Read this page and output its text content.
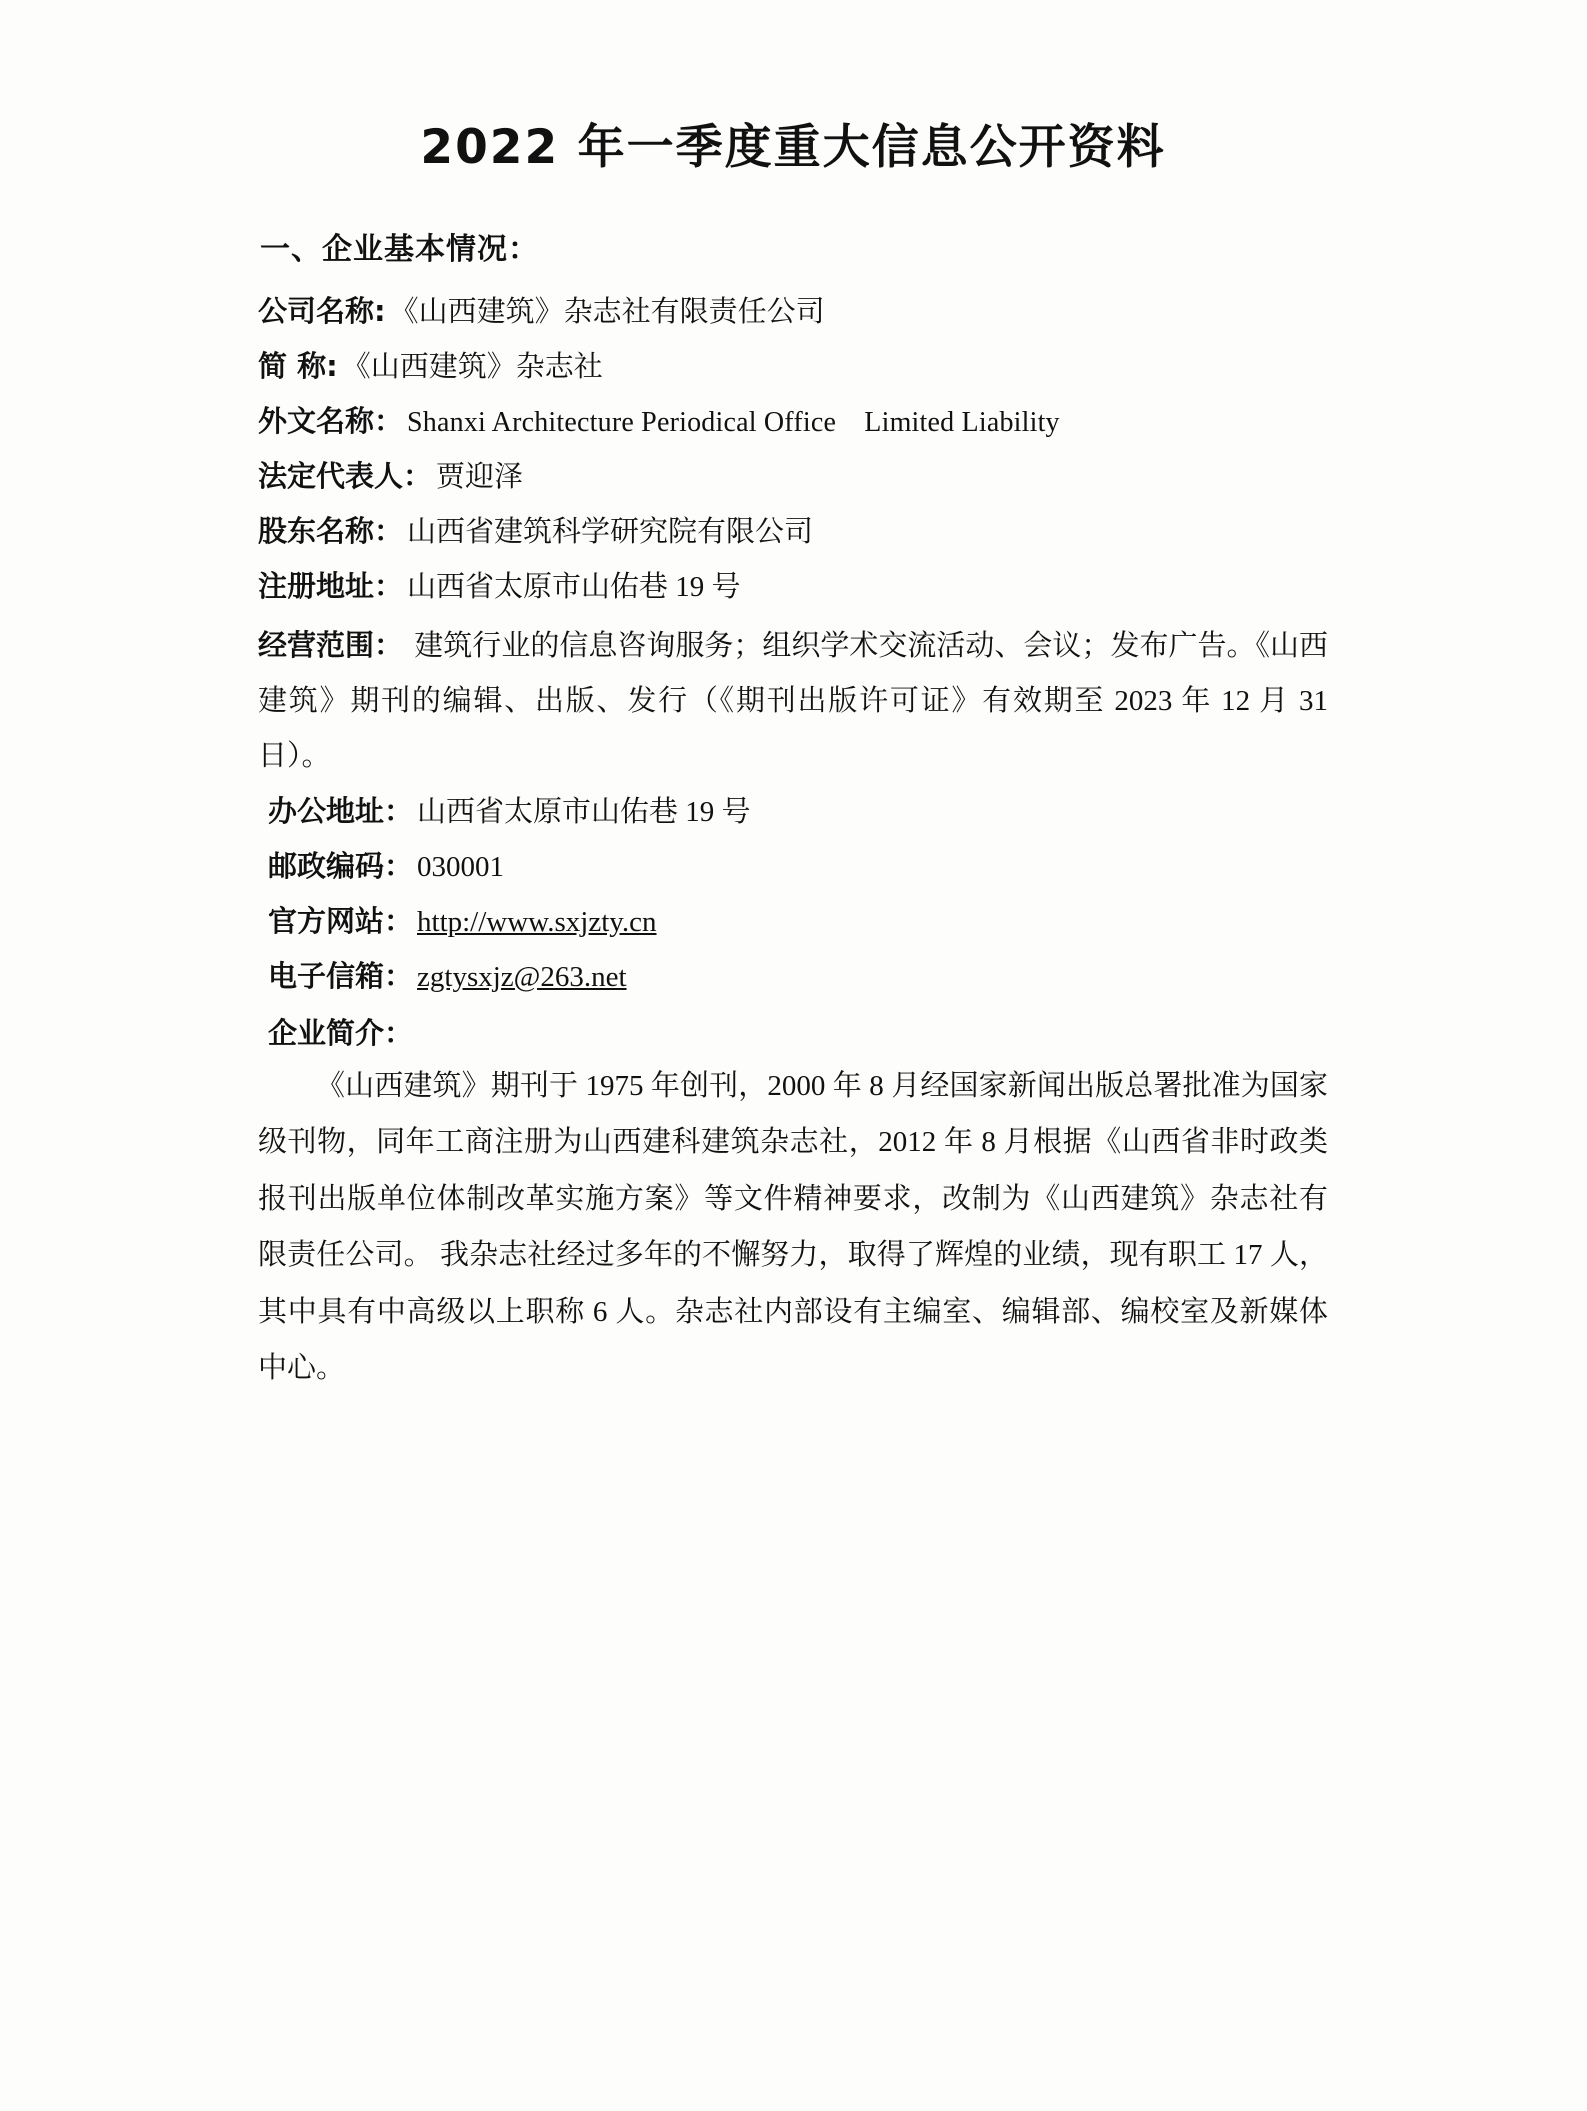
2022 年一季度重大信息公开资料
一、企业基本情况：
公司名称: 《山西建筑》杂志社有限责任公司
简 称: 《山西建筑》杂志社
外文名称： Shanxi Architecture Periodical Office　Limited Liability
法定代表人： 贾迎泽
股东名称： 山西省建筑科学研究院有限公司
注册地址： 山西省太原市山佑巷 19 号
经营范围： 建筑行业的信息咨询服务；组织学术交流活动、会议；发布广告。《山西建筑》期刊的编辑、出版、发行（《期刊出版许可证》有效期至 2023 年 12 月 31 日）。
办公地址： 山西省太原市山佑巷 19 号
邮政编码： 030001
官方网站： http://www.sxjzty.cn
电子信箱： zgtysxjz@263.net
企业简介：

《山西建筑》期刊于 1975 年创刊，2000 年 8 月经国家新闻出版总署批准为国家级刊物，同年工商注册为山西建科建筑杂志社，2012 年 8 月根据《山西省非时政类报刊出版单位体制改革实施方案》等文件精神要求，改制为《山西建筑》杂志社有限责任公司。 我杂志社经过多年的不懈努力，取得了辉煌的业绩，现有职工 17 人，其中具有中高级以上职称 6 人。杂志社内部设有主编室、编辑部、编校室及新媒体中心。
